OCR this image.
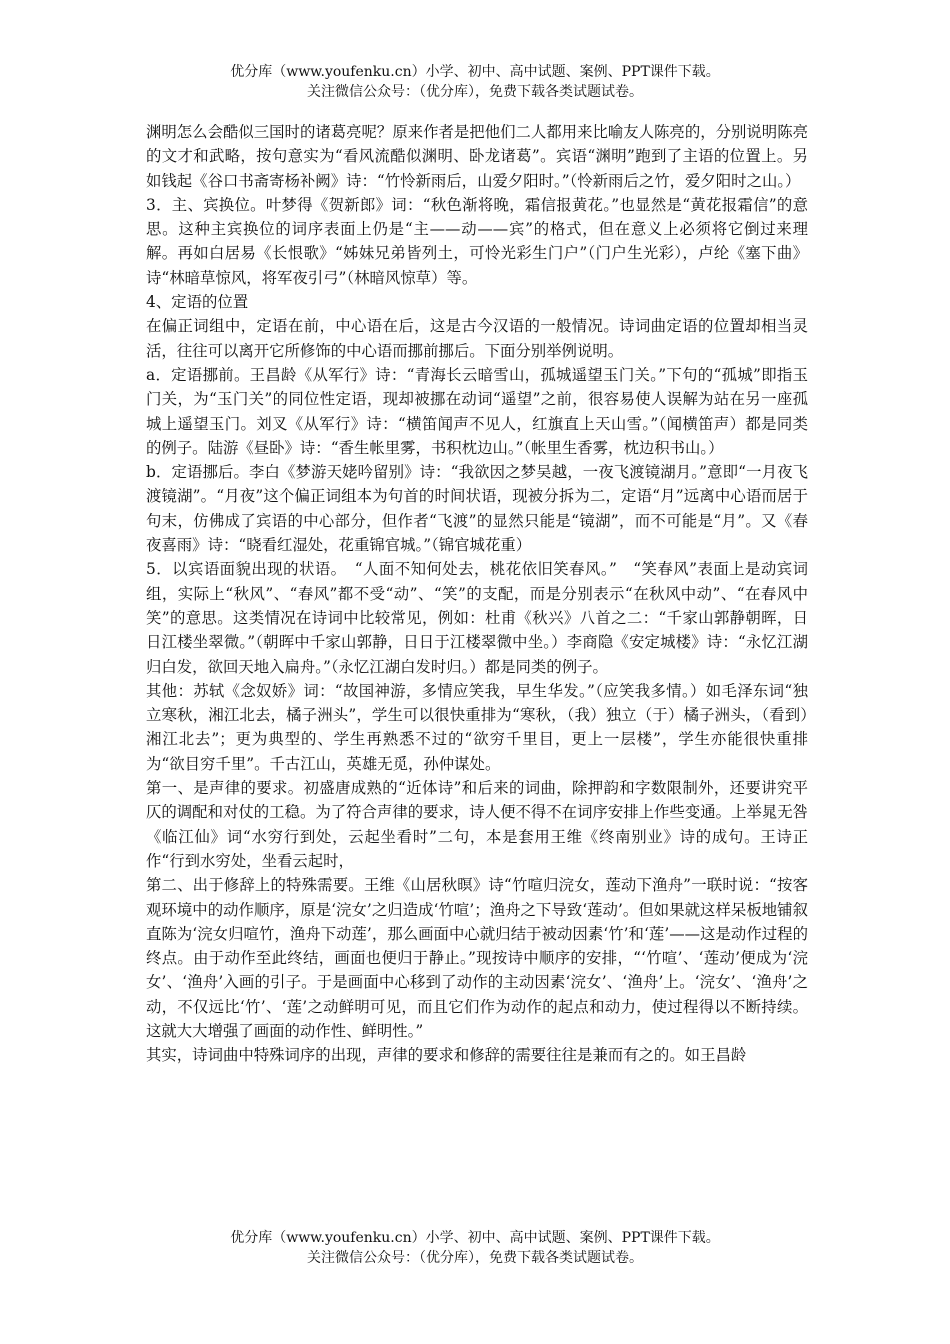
优分库（www.youfenku.cn）小学、初中、高中试题、案例、PPT课件下载。
关注微信公众号：（优分库），免费下载各类试题试卷。

渊明怎么会酷似三国时的诸葛亮呢？原来作者是把他们二人都用来比喻友人陈亮的，分别说明陈亮的文才和武略，按句意实为“看风流酷似渊明、卧龙诸葛”。宾语“渊明”跑到了主语的位置上。另如钱起《谷口书斋寄杨补阙》诗：“竹怜新雨后，山爱夕阳时。”（怜新雨后之竹，爱夕阳时之山。）

3．主、宾换位。叶梦得《贺新郎》词：“秋色渐将晚，霜信报黄花。”也显然是“黄花报霜信”的意思。这种主宾换位的词序表面上仍是“主——动——宾”的格式，但在意义上必须将它倒过来理解。再如白居易《长恨歌》“姊妹兄弟皆列土，可怜光彩生门户”（门户生光彩），卢纶《塞下曲》诗“林暗草惊风，将军夜引弓”（林暗风惊草）等。

4、定语的位置

在偏正词组中，定语在前，中心语在后，这是古今汉语的一般情况。诗词曲定语的位置却相当灵活，往往可以离开它所修饰的中心语而挪前挪后。下面分别举例说明。

a．定语挪前。王昌龄《从军行》诗：“青海长云暗雪山，孤城遥望玉门关。”下句的“孤城”即指玉门关，为“玉门关”的同位性定语，现却被挪在动词“遥望”之前，很容易使人误解为站在另一座孤城上遥望玉门。刘叉《从军行》诗：“横笛闻声不见人，红旗直上天山雪。”（闻横笛声）都是同类的例子。陆游《昼卧》诗：“香生帐里雾，书积枕边山。”（帐里生香雾，枕边积书山。）

b．定语挪后。李白《梦游天姥吟留别》诗：“我欲因之梦吴越，一夜飞渡镜湖月。”意即“一月夜飞渡镜湖”。“月夜”这个偏正词组本为句首的时间状语，现被分拆为二，定语“月”远离中心语而居于句末，仿佛成了宾语的中心部分，但作者“飞渡”的显然只能是“镜湖”，而不可能是“月”。又《春夜喜雨》诗：“晓看红湿处，花重锦官城。”（锦官城花重）

5．以宾语面貌出现的状语。　“人面不知何处去，桃花依旧笑春风。”　“笑春风”表面上是动宾词组，实际上“秋风”、“春风”都不受“动”、“笑”的支配，而是分别表示“在秋风中动”、“在春风中笑”的意思。这类情况在诗词中比较常见，例如：杜甫《秋兴》八首之二：“千家山郭静朝晖，日日江楼坐翠微。”（朝晖中千家山郭静，日日于江楼翠微中坐。）李商隐《安定城楼》诗：“永忆江湖归白发，欲回天地入扁舟。”（永忆江湖白发时归。）都是同类的例子。

其他：苏轼《念奴娇》词：“故国神游，多情应笑我，早生华发。”（应笑我多情。）如毛泽东词“独立寒秋，湘江北去，橘子洲头”，学生可以很快重排为“寒秋，（我）独立（于）橘子洲头，（看到）湘江北去”；更为典型的、学生再熟悉不过的“欲穷千里目，更上一层楼”，学生亦能很快重排为“欲目穷千里”。千古江山，英雄无觅，孙仲谋处。

第一、是声律的要求。初盛唐成熟的“近体诗”和后来的词曲，除押韵和字数限制外，还要讲究平仄的调配和对仗的工稳。为了符合声律的要求，诗人便不得不在词序安排上作些变通。上举晁无咎《临江仙》词“水穷行到处，云起坐看时”二句，本是套用王维《终南别业》诗的成句。王诗正作“行到水穷处，坐看云起时，

第二、出于修辞上的特殊需要。王维《山居秋暝》诗“竹喧归浣女，莲动下渔舟”一联时说：“按客观环境中的动作顺序，原是‘浣女’之归造成‘竹喧’；渔舟之下导致‘莲动’。但如果就这样呆板地铺叙直陈为‘浣女归喧竹，渔舟下动莲’，那么画面中心就归结于被动因素‘竹’和‘莲’——这是动作过程的终点。由于动作至此终结，画面也便归于静止。”现按诗中顺序的安排，“‘竹喧’、‘莲动’便成为‘浣女’、‘渔舟’入画的引子。于是画面中心移到了动作的主动因素‘浣女’、‘渔舟’上。‘浣女’、‘渔舟’之动，不仅远比‘竹’、‘莲’之动鲜明可见，而且它们作为动作的起点和动力，使过程得以不断持续。这就大大增强了画面的动作性、鲜明性。”

其实，诗词曲中特殊词序的出现，声律的要求和修辞的需要往往是兼而有之的。如王昌龄

优分库（www.youfenku.cn）小学、初中、高中试题、案例、PPT课件下载。
关注微信公众号：（优分库），免费下载各类试题试卷。
